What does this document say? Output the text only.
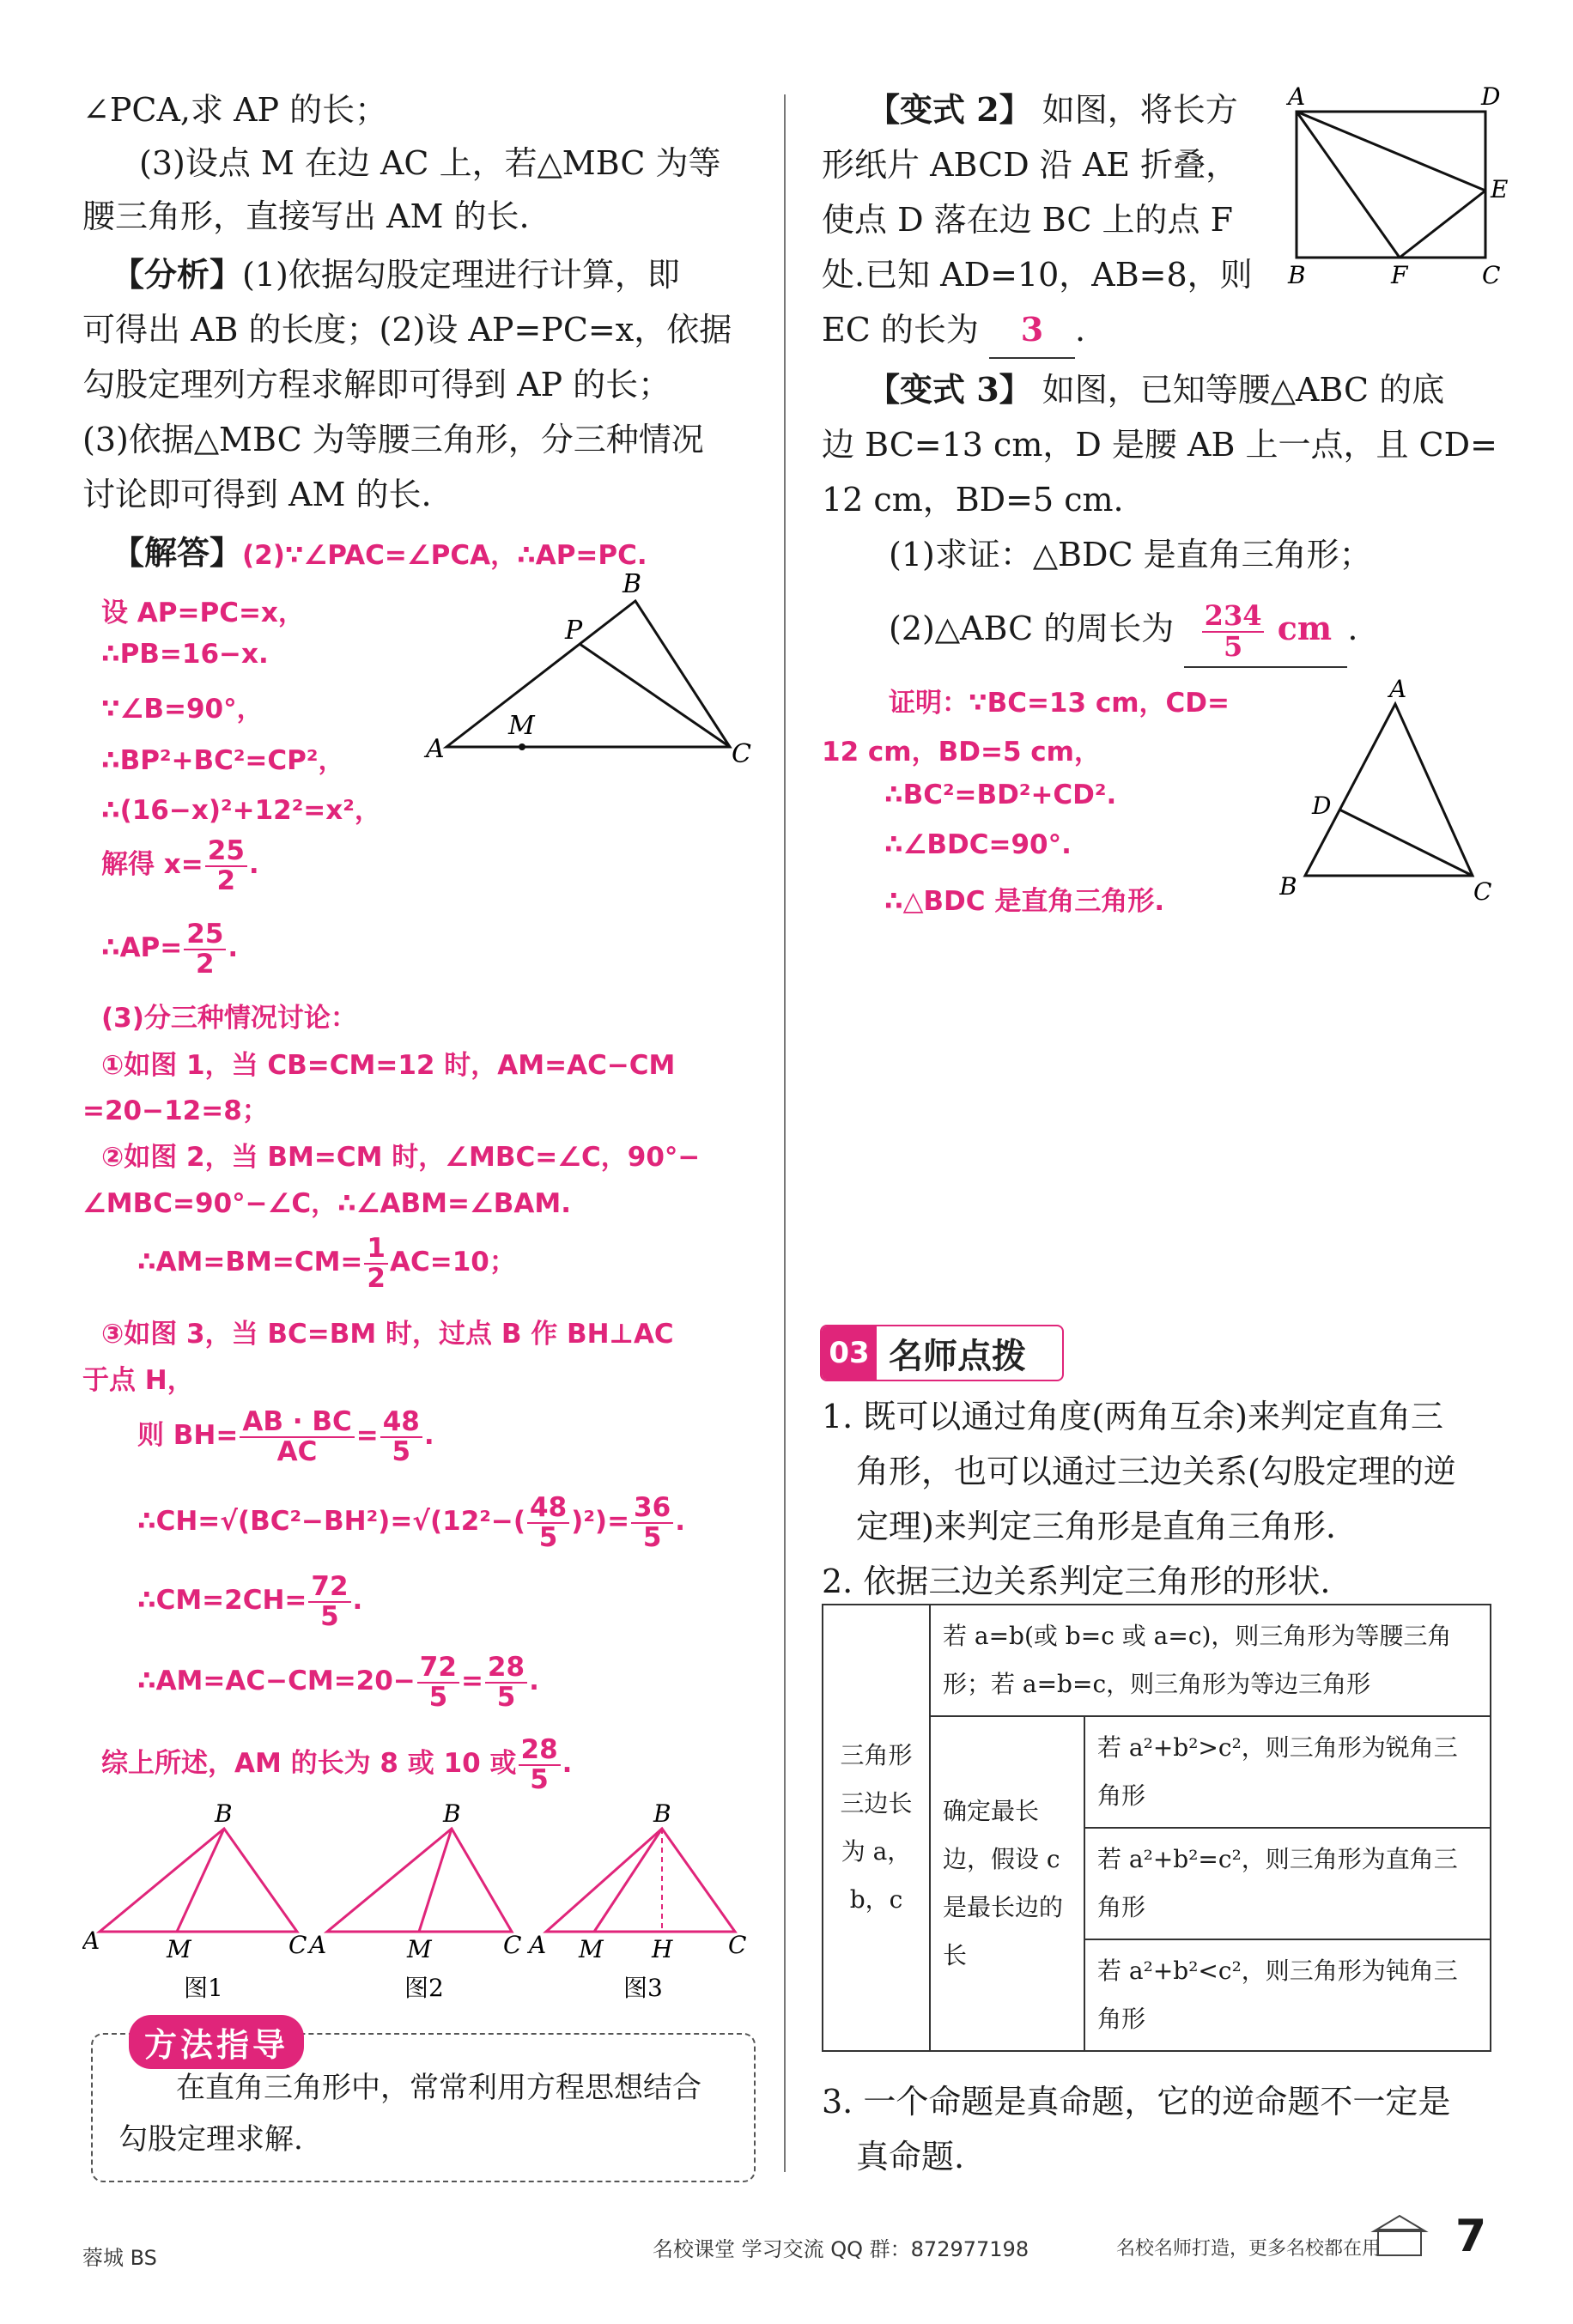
∠PCA,求 AP 的长；
(3)设点 M 在边 AC 上，若△MBC 为等
腰三角形，直接写出 AM 的长.
【分析】(1)依据勾股定理进行计算，即
可得出 AB 的长度；(2)设 AP=PC=x，依据
勾股定理列方程求解即可得到 AP 的长；
(3)依据△MBC 为等腰三角形，分三种情况
讨论即可得到 AM 的长.
【解答】(2)∵∠PAC=∠PCA，∴AP=PC.
设 AP=PC=x，
∴PB=16−x.
∵∠B=90°，
∴BP²+BC²=CP²，
∴(16−x)²+12²=x²，
解得 $x= \frac{25}{2}$ .
∴AP= $\frac{25}{2}$ .
(3)分三种情况讨论：
①如图 1，当 CB=CM=12 时，AM=AC−CM
=20−12=8；
②如图 2，当 BM=CM 时，∠MBC=∠C，90°−
∠MBC=90°−∠C，∴∠ABM=∠BAM.
∴AM=BM=CM= $\frac{1}{2} AC=10$；
③如图 3，当 BC=BM 时，过点 B 作 BH⊥AC
于点 H，
则 $BH= \frac{AB \cdot BC}{AC} = \frac{48}{5}$ .
∴CH=√(BC²−BH²)=√(12²−( $\frac{48}{5} )^2)= \frac{36}{5}$ .
∴CM=2CH= $\frac{72}{5}$ .
∴AM=AC−CM=20− $\frac{72}{5} = \frac{28}{5}$ .
综上所述，AM 的长为 8 或 10 或 $\frac{28}{5}$ .
A
B
P
C
M
A
B
C
M	A
B
C
M	A
B
C
M H
图1	图2	图3
方法指导
在直角三角形中，常常利用方程思想结合
勾股定理求解.
【变式 2】 如图，将长方
形纸片 ABCD 沿 AE 折叠，
使点 D 落在边 BC 上的点 F
处.已知 AD=10，AB=8，则
EC 的长为 3 .
A	D
E
B	F	C
【变式 3】 如图，已知等腰△ABC 的底
边 BC=13 cm，D 是腰 AB 上一点，且 CD=
12 cm，BD=5 cm.
(1)求证：△BDC 是直角三角形；
(2)△ABC 的周长为 $\frac{234}{5}$ cm .
证明：∵BC=13 cm，CD=
12 cm，BD=5 cm，
∴BC²=BD²+CD².
∴∠BDC=90°.
∴△BDC 是直角三角形.
A
D
B	C
03 名师点拨
1. 既可以通过角度(两角互余)来判定直角三
角形，也可以通过三边关系(勾股定理的逆
定理)来判定三角形是直角三角形.
2. 依据三边关系判定三角形的形状.
三角形三边长为 a，b，c	若 a=b(或 b=c 或 a=c)，则三角形为等腰三角形；若 a=b=c，则三角形为等边三角形	
	确定最长边，假设 c 是最长边的长	若 a²+b²>c²，则三角形为锐角三角形
		若 a²+b²=c²，则三角形为直角三角形
		若 a²+b²<c²，则三角形为钝角三角形
3. 一个命题是真命题，它的逆命题不一定是
真命题.
蓉城 BS	名校课堂 学习交流 QQ 群：872977198	名校名师打造，更多名校都在用 7
